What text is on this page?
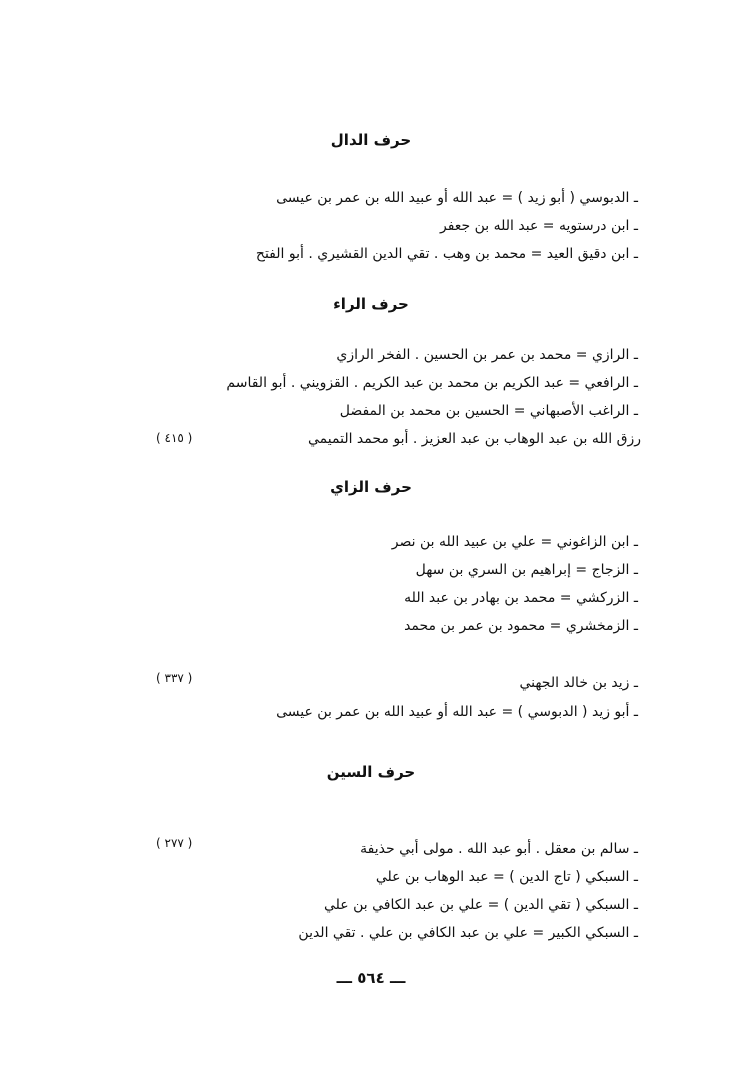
حرف الدال
ـ الدبوسي ( أبو زيد ) = عبد الله أو عبيد الله بن عمر بن عيسى
ـ ابن درستويه = عبد الله بن جعفر
ـ ابن دقيق العيد = محمد بن وهب . تقي الدين القشيري . أبو الفتح
حرف الراء
ـ الرازي = محمد بن عمر بن الحسين . الفخر الرازي
ـ الرافعي = عبد الكريم بن محمد بن عبد الكريم . القزويني . أبو القاسم
ـ الراغب الأصبهاني = الحسين بن محمد بن المفضل
رزق الله بن عبد الوهاب بن عبد العزيز . أبو محمد التميمي
( ٤١٥ )
حرف الزاي
ـ ابن الزاغوني = علي بن عبيد الله بن نصر
ـ الزجاج = إبراهيم بن السري بن سهل
ـ الزركشي = محمد بن بهادر بن عبد الله
ـ الزمخشري = محمود بن عمر بن محمد
ـ زيد بن خالد الجهني
( ٣٣٧ )
ـ أبو زيد ( الدبوسي ) = عبد الله أو عبيد الله بن عمر بن عيسى
حرف السين
ـ سالم بن معقل . أبو عبد الله . مولى أبي حذيفة
( ٢٧٧ )
ـ السبكي ( تاج الدين ) = عبد الوهاب بن علي
ـ السبكي ( تقي الدين ) = علي بن عبد الكافي بن علي
ـ السبكي الكبير = علي بن عبد الكافي بن علي . تقي الدين
ـــ ٥٦٤ ـــ
